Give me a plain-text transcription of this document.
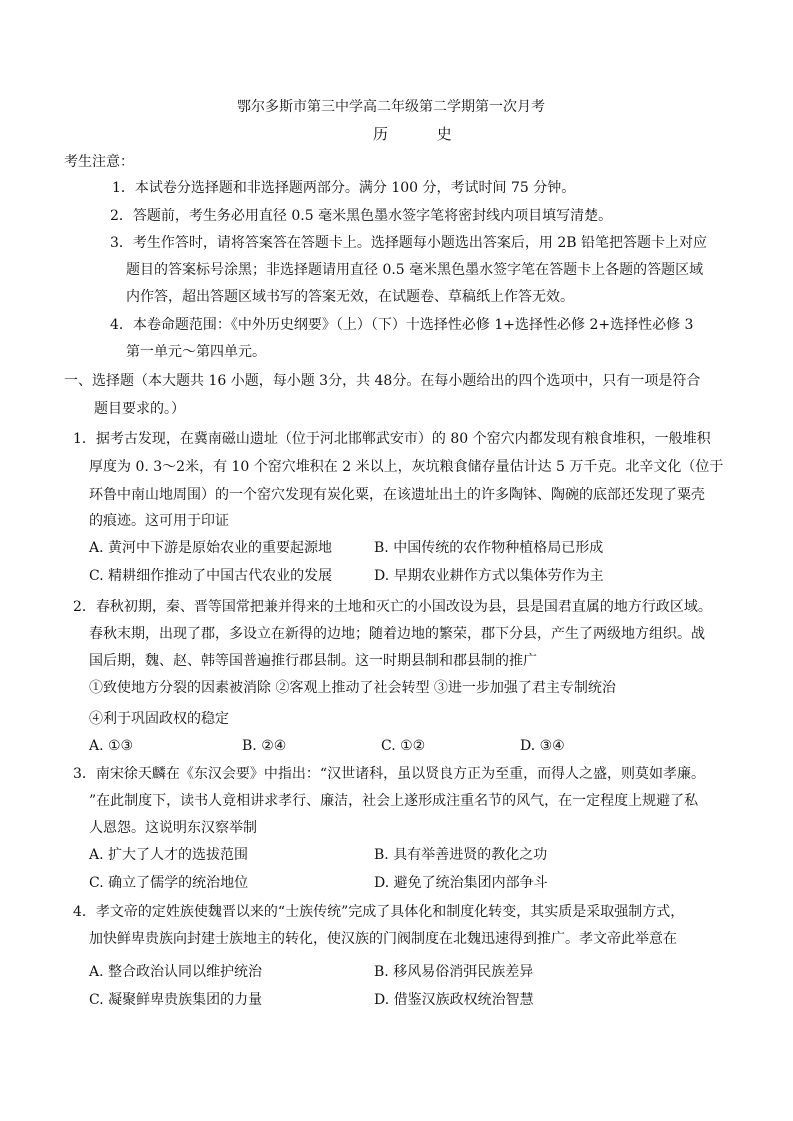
鄂尔多斯市第三中学高二年级第二学期第一次月考
历 史
考生注意：
1．本试卷分选择题和非选择题两部分。满分 100 分，考试时间 75 分钟。
2．答题前，考生务必用直径 0.5 毫米黑色墨水签字笔将密封线内项目填写清楚。
3．考生作答时，请将答案答在答题卡上。选择题每小题选出答案后，用 2B 铅笔把答题卡上对应
题目的答案标号涂黑；非选择题请用直径 0.5 毫米黑色墨水签字笔在答题卡上各题的答题区域
内作答，超出答题区域书写的答案无效，在试题卷、草稿纸上作答无效。
4．本卷命题范围：《中外历史纲要》（上）（下）十选择性必修 1+选择性必修 2+选择性必修 3
第一单元～第四单元。
一、选择题（本大题共 16 小题，每小题 3分，共 48分。在每小题给出的四个选项中，只有一项是符合
题目要求的。）
1．据考古发现，在冀南磁山遗址（位于河北邯郸武安市）的 80 个窑穴内都发现有粮食堆积，一般堆积
厚度为 0. 3～2米，有 10 个窑穴堆积在 2 米以上，灰坑粮食储存量估计达 5 万千克。北辛文化（位于
环鲁中南山地周围）的一个窑穴发现有炭化粟，在该遗址出土的许多陶钵、陶碗的底部还发现了粟壳
的痕迹。这可用于印证
A. 黄河中下游是原始农业的重要起源地	B. 中国传统的农作物种植格局已形成
C. 精耕细作推动了中国古代农业的发展	D. 早期农业耕作方式以集体劳作为主
2．春秋初期，秦、晋等国常把兼并得来的土地和灭亡的小国改设为县，县是国君直属的地方行政区域。
春秋末期，出现了郡，多设立在新得的边地；随着边地的繁荣，郡下分县，产生了两级地方组织。战
国后期，魏、赵、韩等国普遍推行郡县制。这一时期县制和郡县制的推广
①致使地方分裂的因素被消除 ②客观上推动了社会转型 ③进一步加强了君主专制统治
④利于巩固政权的稳定
A. ①③	B. ②④	C. ①②	D. ③④
3．南宋徐天麟在《东汉会要》中指出：“汉世诸科，虽以贤良方正为至重，而得人之盛，则莫如孝廉。
”在此制度下，读书人竟相讲求孝行、廉洁，社会上遂形成注重名节的风气，在一定程度上规避了私
人恩怨。这说明东汉察举制
A. 扩大了人才的选拔范围	B. 具有举善进贤的教化之功
C. 确立了儒学的统治地位	D. 避免了统治集团内部争斗
4．孝文帝的定姓族使魏晋以来的“士族传统”完成了具体化和制度化转变，其实质是采取强制方式，
加快鲜卑贵族向封建士族地主的转化，使汉族的门阀制度在北魏迅速得到推广。孝文帝此举意在
A. 整合政治认同以维护统治	B. 移风易俗消弭民族差异
C. 凝聚鲜卑贵族集团的力量	D. 借鉴汉族政权统治智慧
